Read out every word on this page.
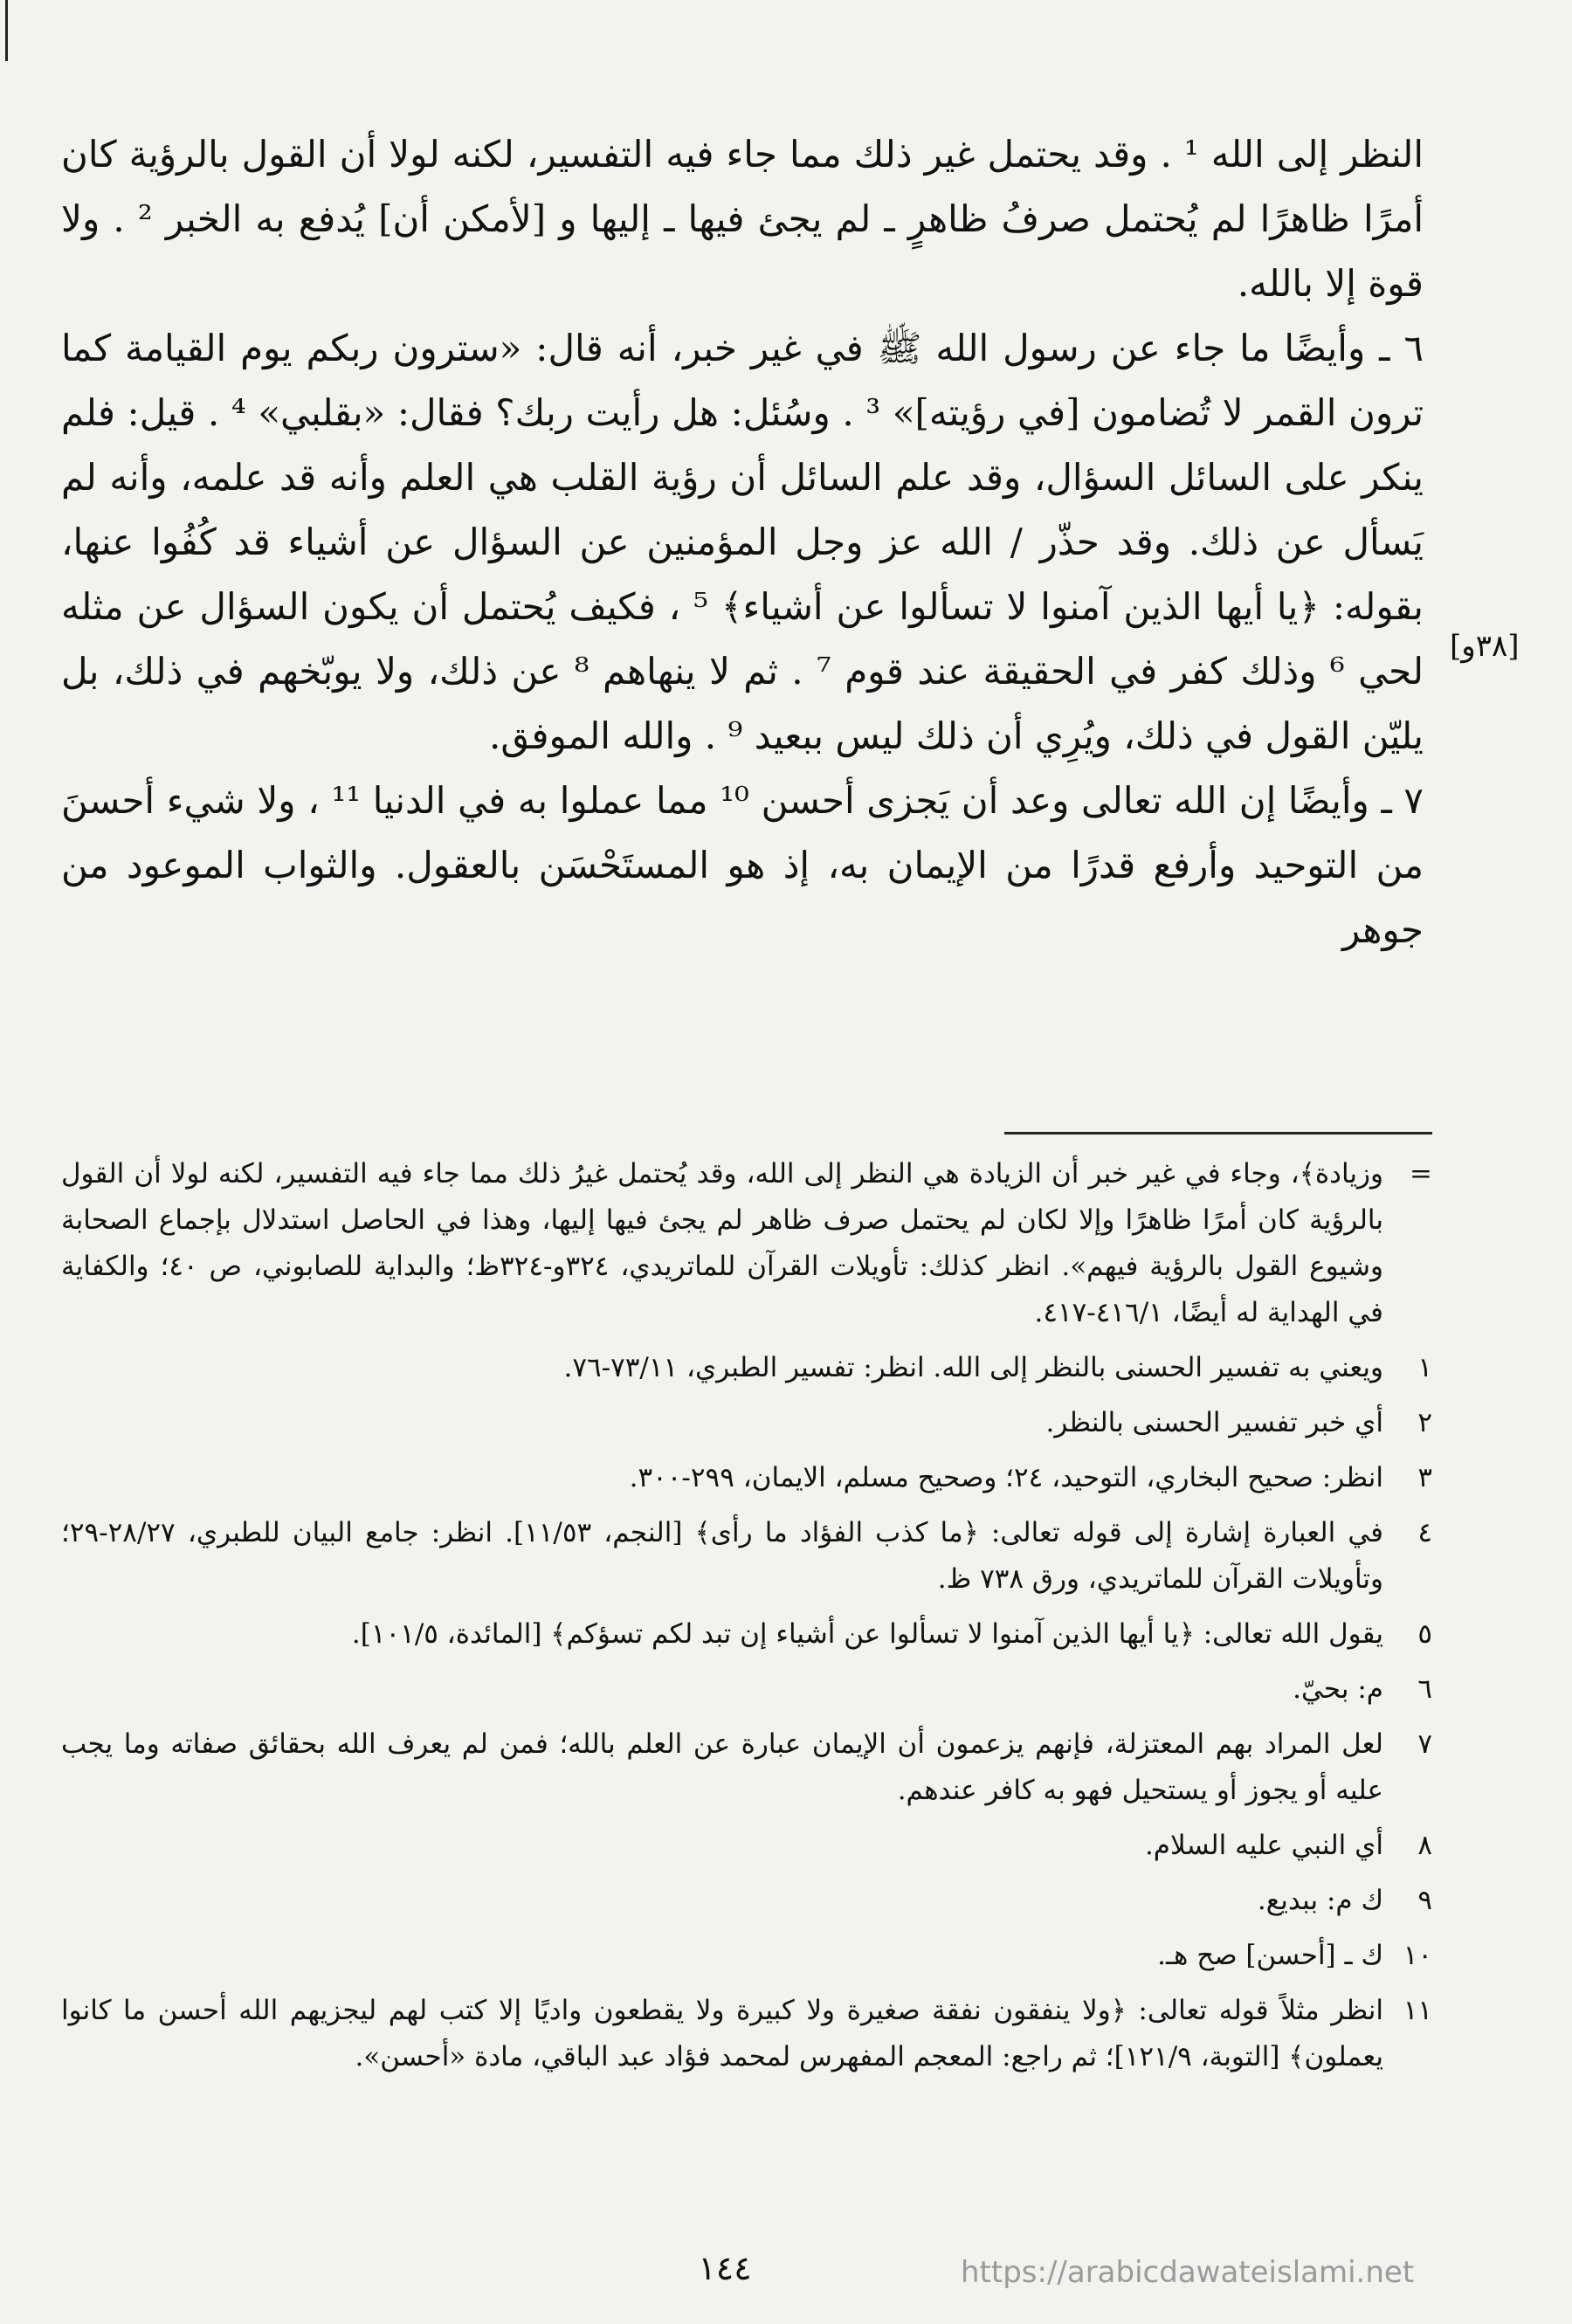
النظر إلى الله ¹ . وقد يحتمل غير ذلك مما جاء فيه التفسير، لكنه لولا أن القول بالرؤية كان أمرًا ظاهرًا لم يُحتمل صرفُ ظاهرٍ ـ لم يجئ فيها ـ إليها و [لأمكن أن] يُدفع به الخبر ² . ولا قوة إلا بالله.

٦ ـ وأيضًا ما جاء عن رسول الله ﷺ في غير خبر، أنه قال: «سترون ربكم يوم القيامة كما ترون القمر لا تُضامون [في رؤيته]» ³ . وسُئل: هل رأيت ربك؟ فقال: «بقلبي» ⁴ . قيل: فلم ينكر على السائل السؤال، وقد علم السائل أن رؤية القلب هي العلم وأنه قد علمه، وأنه لم يَسأل عن ذلك. وقد حذّر / الله عز وجل المؤمنين عن السؤال عن أشياء قد كُفُوا عنها، بقوله: ﴿يا أيها الذين آمنوا لا تسألوا عن أشياء﴾ ⁵ ، فكيف يُحتمل أن يكون السؤال عن مثله لحي ⁶ وذلك كفر في الحقيقة عند قوم ⁷ . ثم لا ينهاهم ⁸ عن ذلك، ولا يوبّخهم في ذلك، بل يليّن القول في ذلك، ويُرِي أن ذلك ليس ببعيد ⁹ . والله الموفق.

٧ ـ وأيضًا إن الله تعالى وعد أن يَجزى أحسن ¹⁰ مما عملوا به في الدنيا ¹¹ ، ولا شيء أحسنَ من التوحيد وأرفع قدرًا من الإيمان به، إذ هو المستَحْسَن بالعقول. والثواب الموعود من جوهر

[٣٨و]
=
وزيادة﴾، وجاء في غير خبر أن الزيادة هي النظر إلى الله، وقد يُحتمل غيرُ ذلك مما جاء فيه التفسير، لكنه لولا أن القول بالرؤية كان أمرًا ظاهرًا وإلا لكان لم يحتمل صرف ظاهر لم يجئ فيها إليها، وهذا في الحاصل استدلال بإجماع الصحابة وشيوع القول بالرؤية فيهم». انظر كذلك: تأويلات القرآن للماتريدي، ٣٢٤و-٣٢٤ظ؛ والبداية للصابوني، ص ٤٠؛ والكفاية في الهداية له أيضًا، ٤١٦/١-٤١٧.
١
ويعني به تفسير الحسنى بالنظر إلى الله. انظر: تفسير الطبري، ٧٣/١١-٧٦.
٢
أي خبر تفسير الحسنى بالنظر.
٣
انظر: صحيح البخاري، التوحيد، ٢٤؛ وصحيح مسلم، الايمان، ٢٩٩-٣٠٠.
٤
في العبارة إشارة إلى قوله تعالى: ﴿ما كذب الفؤاد ما رأى﴾ [النجم، ١١/٥٣]. انظر: جامع البيان للطبري، ٢٨/٢٧-٢٩؛ وتأويلات القرآن للماتريدي، ورق ٧٣٨ ظ.
٥
يقول الله تعالى: ﴿يا أيها الذين آمنوا لا تسألوا عن أشياء إن تبد لكم تسؤكم﴾ [المائدة، ١٠١/٥].
٦
م: بحيّ.
٧
لعل المراد بهم المعتزلة، فإنهم يزعمون أن الإيمان عبارة عن العلم بالله؛ فمن لم يعرف الله بحقائق صفاته وما يجب عليه أو يجوز أو يستحيل فهو به كافر عندهم.
٨
أي النبي عليه السلام.
٩
ك م: ببديع.
١٠
ك ـ [أحسن] صح هـ.
١١
انظر مثلاً قوله تعالى: ﴿ولا ينفقون نفقة صغيرة ولا كبيرة ولا يقطعون واديًا إلا كتب لهم ليجزيهم الله أحسن ما كانوا يعملون﴾ [التوبة، ١٢١/٩]؛ ثم راجع: المعجم المفهرس لمحمد فؤاد عبد الباقي، مادة «أحسن».
١٤٤	https://arabicdawateislami.net
